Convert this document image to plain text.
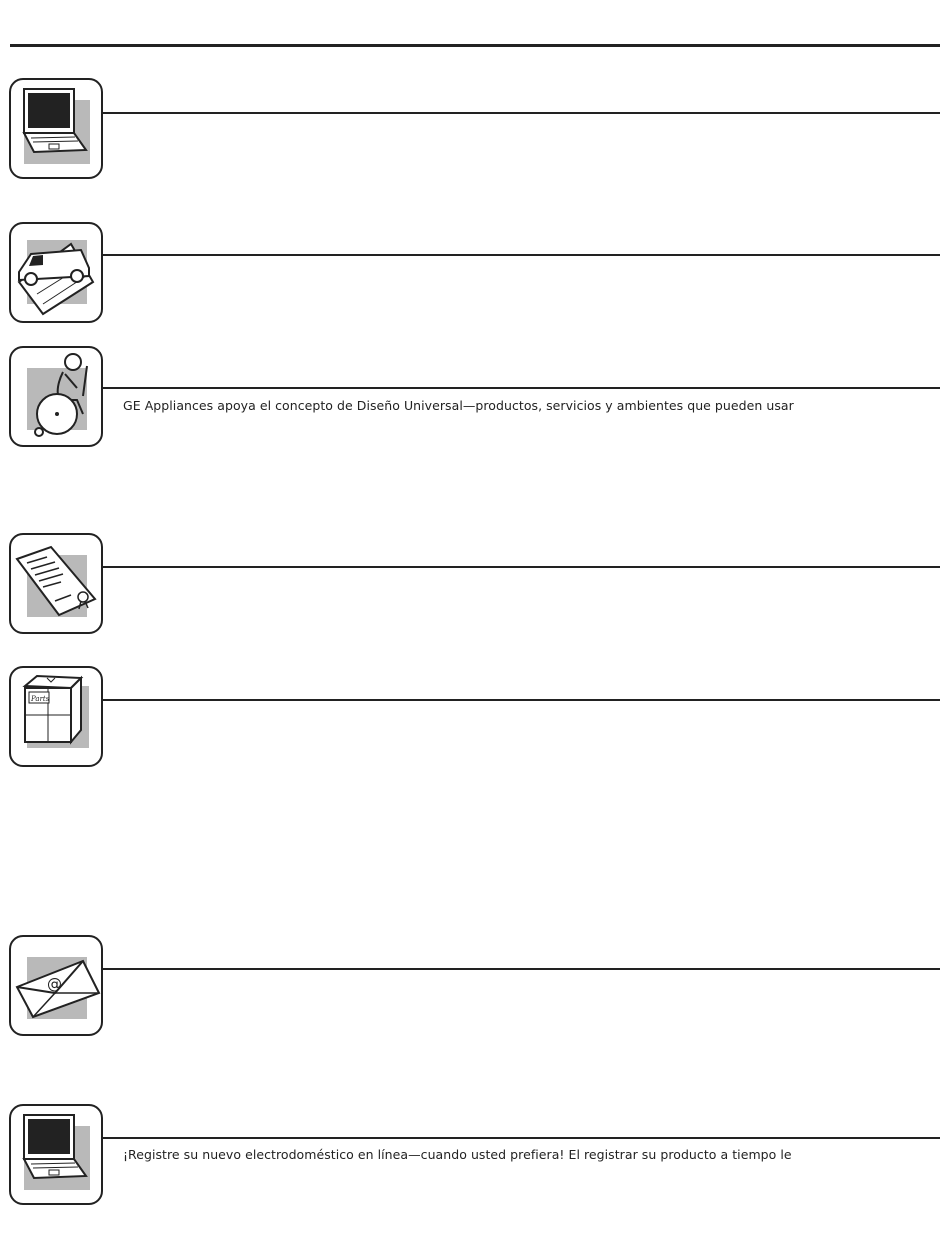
GE Appliances apoya el concepto de Diseño Universal—productos, servicios y ambientes que pueden usar
Parts
@
¡Registre su nuevo electrodoméstico en línea—cuando usted prefiera! El registrar su producto a tiempo le
